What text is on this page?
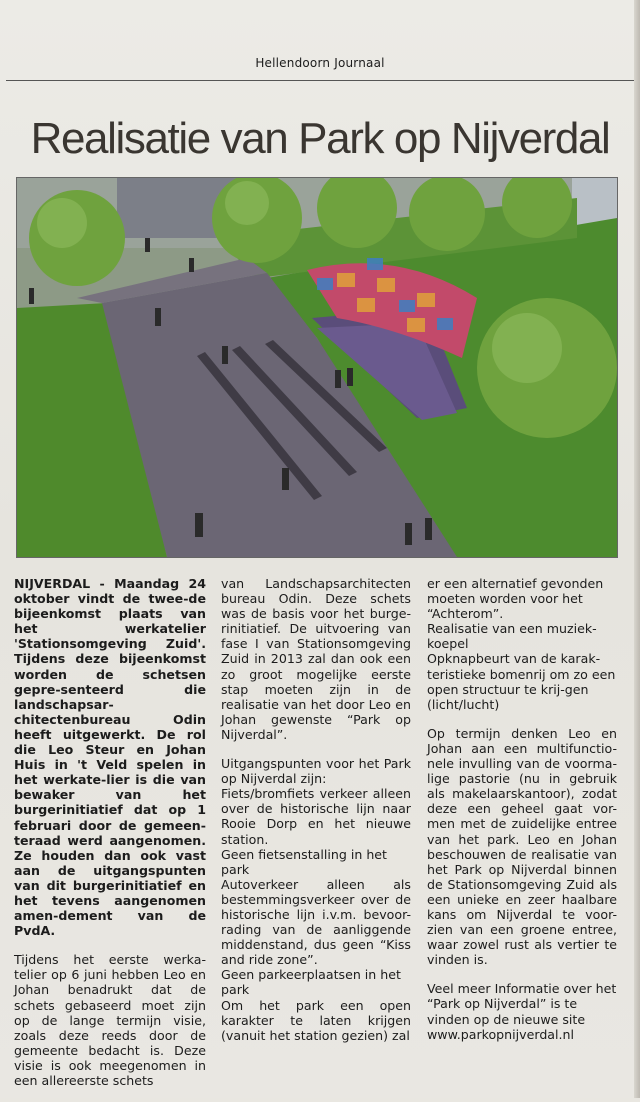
Hellendoorn Journaal
Realisatie van Park op Nijverdal

NIJVERDAL - Maandag 24 oktober vindt de twee-de bijeenkomst plaats van het werkatelier 'Stationsomgeving Zuid'. Tijdens deze bijeenkomst worden de schetsen gepre-senteerd die landschapsar-chitectenbureau Odin heeft uitgewerkt. De rol die Leo Steur en Johan Huis in 't Veld spelen in het werkate-lier is die van bewaker van het burgerinitiatief dat op 1 februari door de gemeen-teraad werd aangenomen. Ze houden dan ook vast aan de uitgangspunten van dit burgerinitiatief en het tevens aangenomen amen-dement van de PvdA.

Tijdens het eerste werka-telier op 6 juni hebben Leo en Johan benadrukt dat de schets gebaseerd moet zijn op de lange termijn visie, zoals deze reeds door de gemeente bedacht is. Deze visie is ook meegenomen in een allereerste schets

van Landschapsarchitecten bureau Odin. Deze schets was de basis voor het burge-rinitiatief. De uitvoering van fase I van Stationsomgeving Zuid in 2013 zal dan ook een zo groot mogelijke eerste stap moeten zijn in de realisatie van het door Leo en Johan gewenste “Park op Nijverdal”.

Uitgangspunten voor het Park op Nijverdal zijn:

Fiets/bromfiets verkeer alleen over de historische lijn naar Rooie Dorp en het nieuwe station.

Geen fietsenstalling in het park

Autoverkeer alleen als bestemmingsverkeer over de historische lijn i.v.m. bevoor-rading van de aanliggende middenstand, dus geen “Kiss and ride zone”.

Geen parkeerplaatsen in het park

Om het park een open karakter te laten krijgen (vanuit het station gezien) zal

er een alternatief gevonden moeten worden voor het “Achterom”.

Realisatie van een muziek-koepel

Opknapbeurt van de karak-teristieke bomenrij om zo een open structuur te krij-gen (licht/lucht)

Op termijn denken Leo en Johan aan een multifunctio-nele invulling van de voorma-lige pastorie (nu in gebruik als makelaarskantoor), zodat deze een geheel gaat vor-men met de zuidelijke entree van het park. Leo en Johan beschouwen de realisatie van het Park op Nijverdal binnen de Stationsomgeving Zuid als een unieke en zeer haalbare kans om Nijverdal te voor-zien van een groene entree, waar zowel rust als vertier te vinden is.

Veel meer Informatie over het “Park op Nijverdal” is te vinden op de nieuwe site www.parkopnijverdal.nl
